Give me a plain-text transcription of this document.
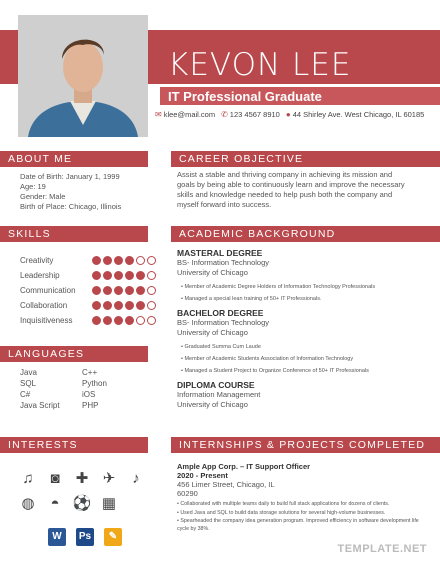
KEVON LEE
IT Professional Graduate
✉ klee@mail.com ✆ 123 4567 8910 ● 44 Shirley Ave. West Chicago, IL 60185
ABOUT ME
Date of Birth: January 1, 1999
Age: 19
Gender: Male
Birth of Place: Chicago, Illinois
CAREER OBJECTIVE
Assist a stable and thriving company in achieving its mission and goals by being able to continuously learn and improve the necessary skills and knowledge needed to help push both the company and myself forward into success.
SKILLS
Creativity
Leadership
Communication
Collaboration
Inquisitiveness
ACADEMIC BACKGROUND
MASTERAL DEGREE
BS- Information Technology
University of Chicago
• Member of Academic Degree Holders of Information Technology Professionals
• Managed a special lean training of 50+ IT Professionals.
BACHELOR DEGREE
BS- Information Technology
University of Chicago
• Graduated Summa Cum Laude
• Member of Academic Students Association of Information Technology
• Managed a Student Project to Organize Conference of 50+ IT Professionals
DIPLOMA COURSE
Information Management
University of Chicago
LANGUAGES
Java	C++
SQL	Python
C#	iOS
Java Script	PHP
INTERESTS
♫	◙	✚ ✈	♪
◍	◓ ⚽ ▦
W	Ps	✎
INTERNSHIPS & PROJECTS COMPLETED
Ample App Corp. – IT Support Officer
2020 - Present
456 Limer Street, Chicago, IL
60290
• Collaborated with multiple teams daily to build full stack applications for dozens of clients.
• Used Java and SQL to build data storage solutions for several high-volume businesses.
• Spearheaded the company idea generation program. Improved efficiency in software development life cycle by 38%.
TEMPLATE.NET
